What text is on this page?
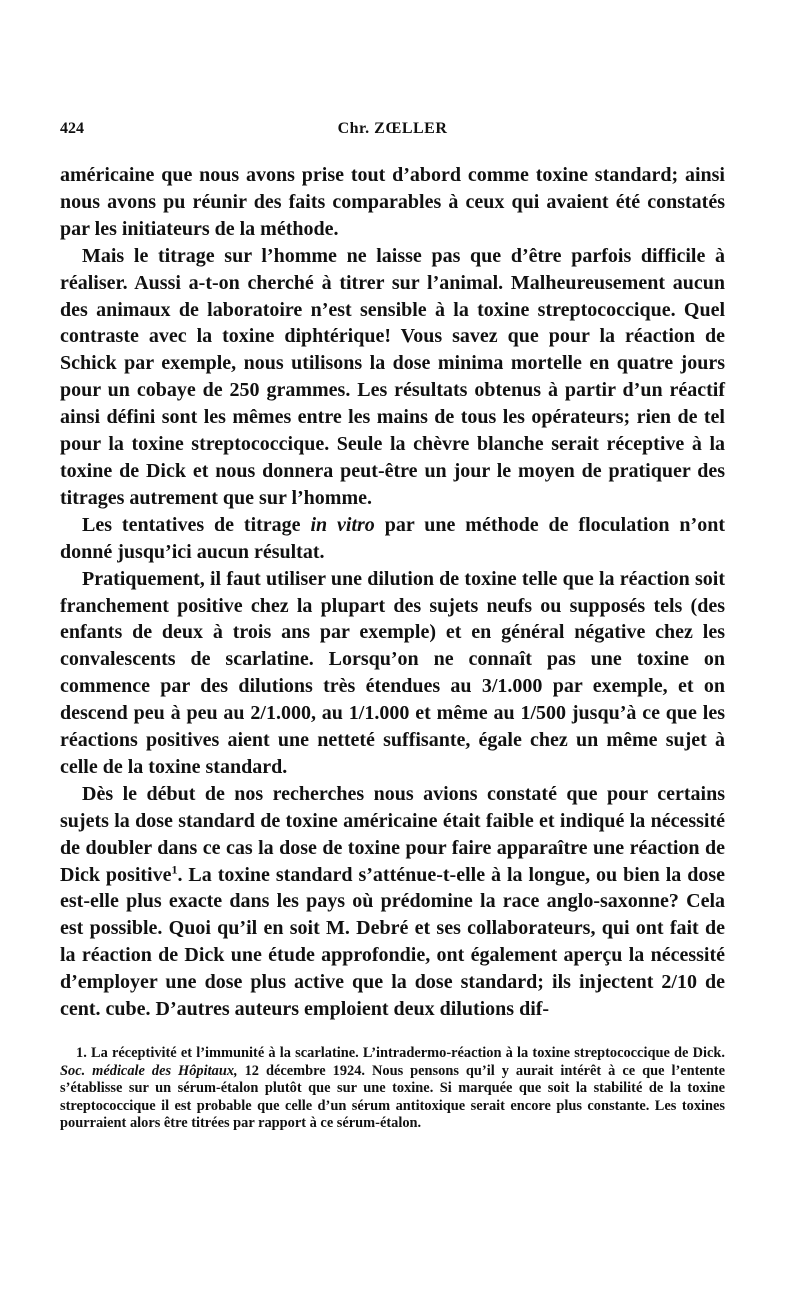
424	Chr. ZŒLLER

américaine que nous avons prise tout d’abord comme toxine standard; ainsi nous avons pu réunir des faits comparables à ceux qui avaient été constatés par les initiateurs de la méthode.

Mais le titrage sur l’homme ne laisse pas que d’être parfois difficile à réaliser. Aussi a-t-on cherché à titrer sur l’animal. Malheureusement aucun des animaux de laboratoire n’est sensible à la toxine streptococcique. Quel contraste avec la toxine diphtérique! Vous savez que pour la réaction de Schick par exemple, nous utilisons la dose minima mortelle en quatre jours pour un cobaye de 250 grammes. Les résultats obtenus à partir d’un réactif ainsi défini sont les mêmes entre les mains de tous les opérateurs; rien de tel pour la toxine streptococcique. Seule la chèvre blanche serait réceptive à la toxine de Dick et nous donnera peut-être un jour le moyen de pratiquer des titrages autrement que sur l’homme.

Les tentatives de titrage in vitro par une méthode de floculation n’ont donné jusqu’ici aucun résultat.

Pratiquement, il faut utiliser une dilution de toxine telle que la réaction soit franchement positive chez la plupart des sujets neufs ou supposés tels (des enfants de deux à trois ans par exemple) et en général négative chez les convalescents de scarlatine. Lorsqu’on ne connaît pas une toxine on commence par des dilutions très étendues au 3/1.000 par exemple, et on descend peu à peu au 2/1.000, au 1/1.000 et même au 1/500 jusqu’à ce que les réactions positives aient une netteté suffisante, égale chez un même sujet à celle de la toxine standard.

Dès le début de nos recherches nous avions constaté que pour certains sujets la dose standard de toxine américaine était faible et indiqué la nécessité de doubler dans ce cas la dose de toxine pour faire apparaître une réaction de Dick positive$^1$. La toxine standard s’atténue-t-elle à la longue, ou bien la dose est-elle plus exacte dans les pays où prédomine la race anglo-saxonne? Cela est possible. Quoi qu’il en soit M. Debré et ses collaborateurs, qui ont fait de la réaction de Dick une étude approfondie, ont également aperçu la nécessité d’employer une dose plus active que la dose standard; ils injectent 2/10 de cent. cube. D’autres auteurs emploient deux dilutions dif-

1. La réceptivité et l’immunité à la scarlatine. L’intradermo-réaction à la toxine streptococcique de Dick. Soc. médicale des Hôpitaux, 12 décembre 1924. Nous pensons qu’il y aurait intérêt à ce que l’entente s’établisse sur un sérum-étalon plutôt que sur une toxine. Si marquée que soit la stabilité de la toxine streptococcique il est probable que celle d’un sérum antitoxique serait encore plus constante. Les toxines pourraient alors être titrées par rapport à ce sérum-étalon.
